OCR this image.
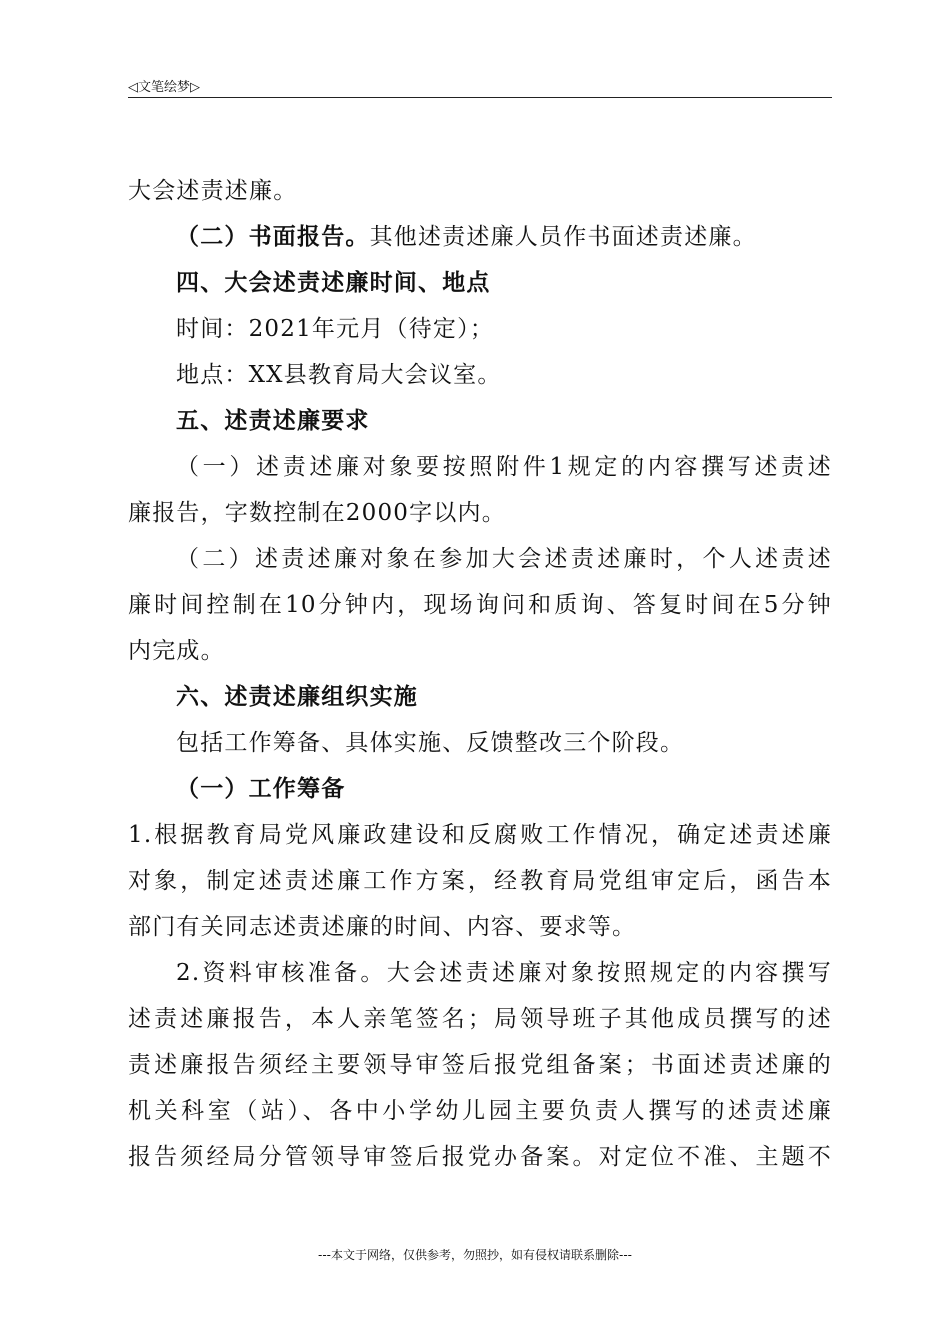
◁文笔绘梦▷
大会述责述廉。
（二）书面报告。其他述责述廉人员作书面述责述廉。
四、大会述责述廉时间、地点
时间：2021年元月（待定）；
地点：XX县教育局大会议室。
五、述责述廉要求
（一）述责述廉对象要按照附件1规定的内容撰写述责述
廉报告，字数控制在2000字以内。
（二）述责述廉对象在参加大会述责述廉时，个人述责述
廉时间控制在10分钟内，现场询问和质询、答复时间在5分钟
内完成。
六、述责述廉组织实施
包括工作筹备、具体实施、反馈整改三个阶段。
（一）工作筹备
1.根据教育局党风廉政建设和反腐败工作情况，确定述责述廉
对象，制定述责述廉工作方案，经教育局党组审定后，函告本
部门有关同志述责述廉的时间、内容、要求等。
2.资料审核准备。大会述责述廉对象按照规定的内容撰写
述责述廉报告，本人亲笔签名；局领导班子其他成员撰写的述
责述廉报告须经主要领导审签后报党组备案；书面述责述廉的
机关科室（站）、各中小学幼儿园主要负责人撰写的述责述廉
报告须经局分管领导审签后报党办备案。对定位不准、主题不
---本文于网络，仅供参考，勿照抄，如有侵权请联系删除---
